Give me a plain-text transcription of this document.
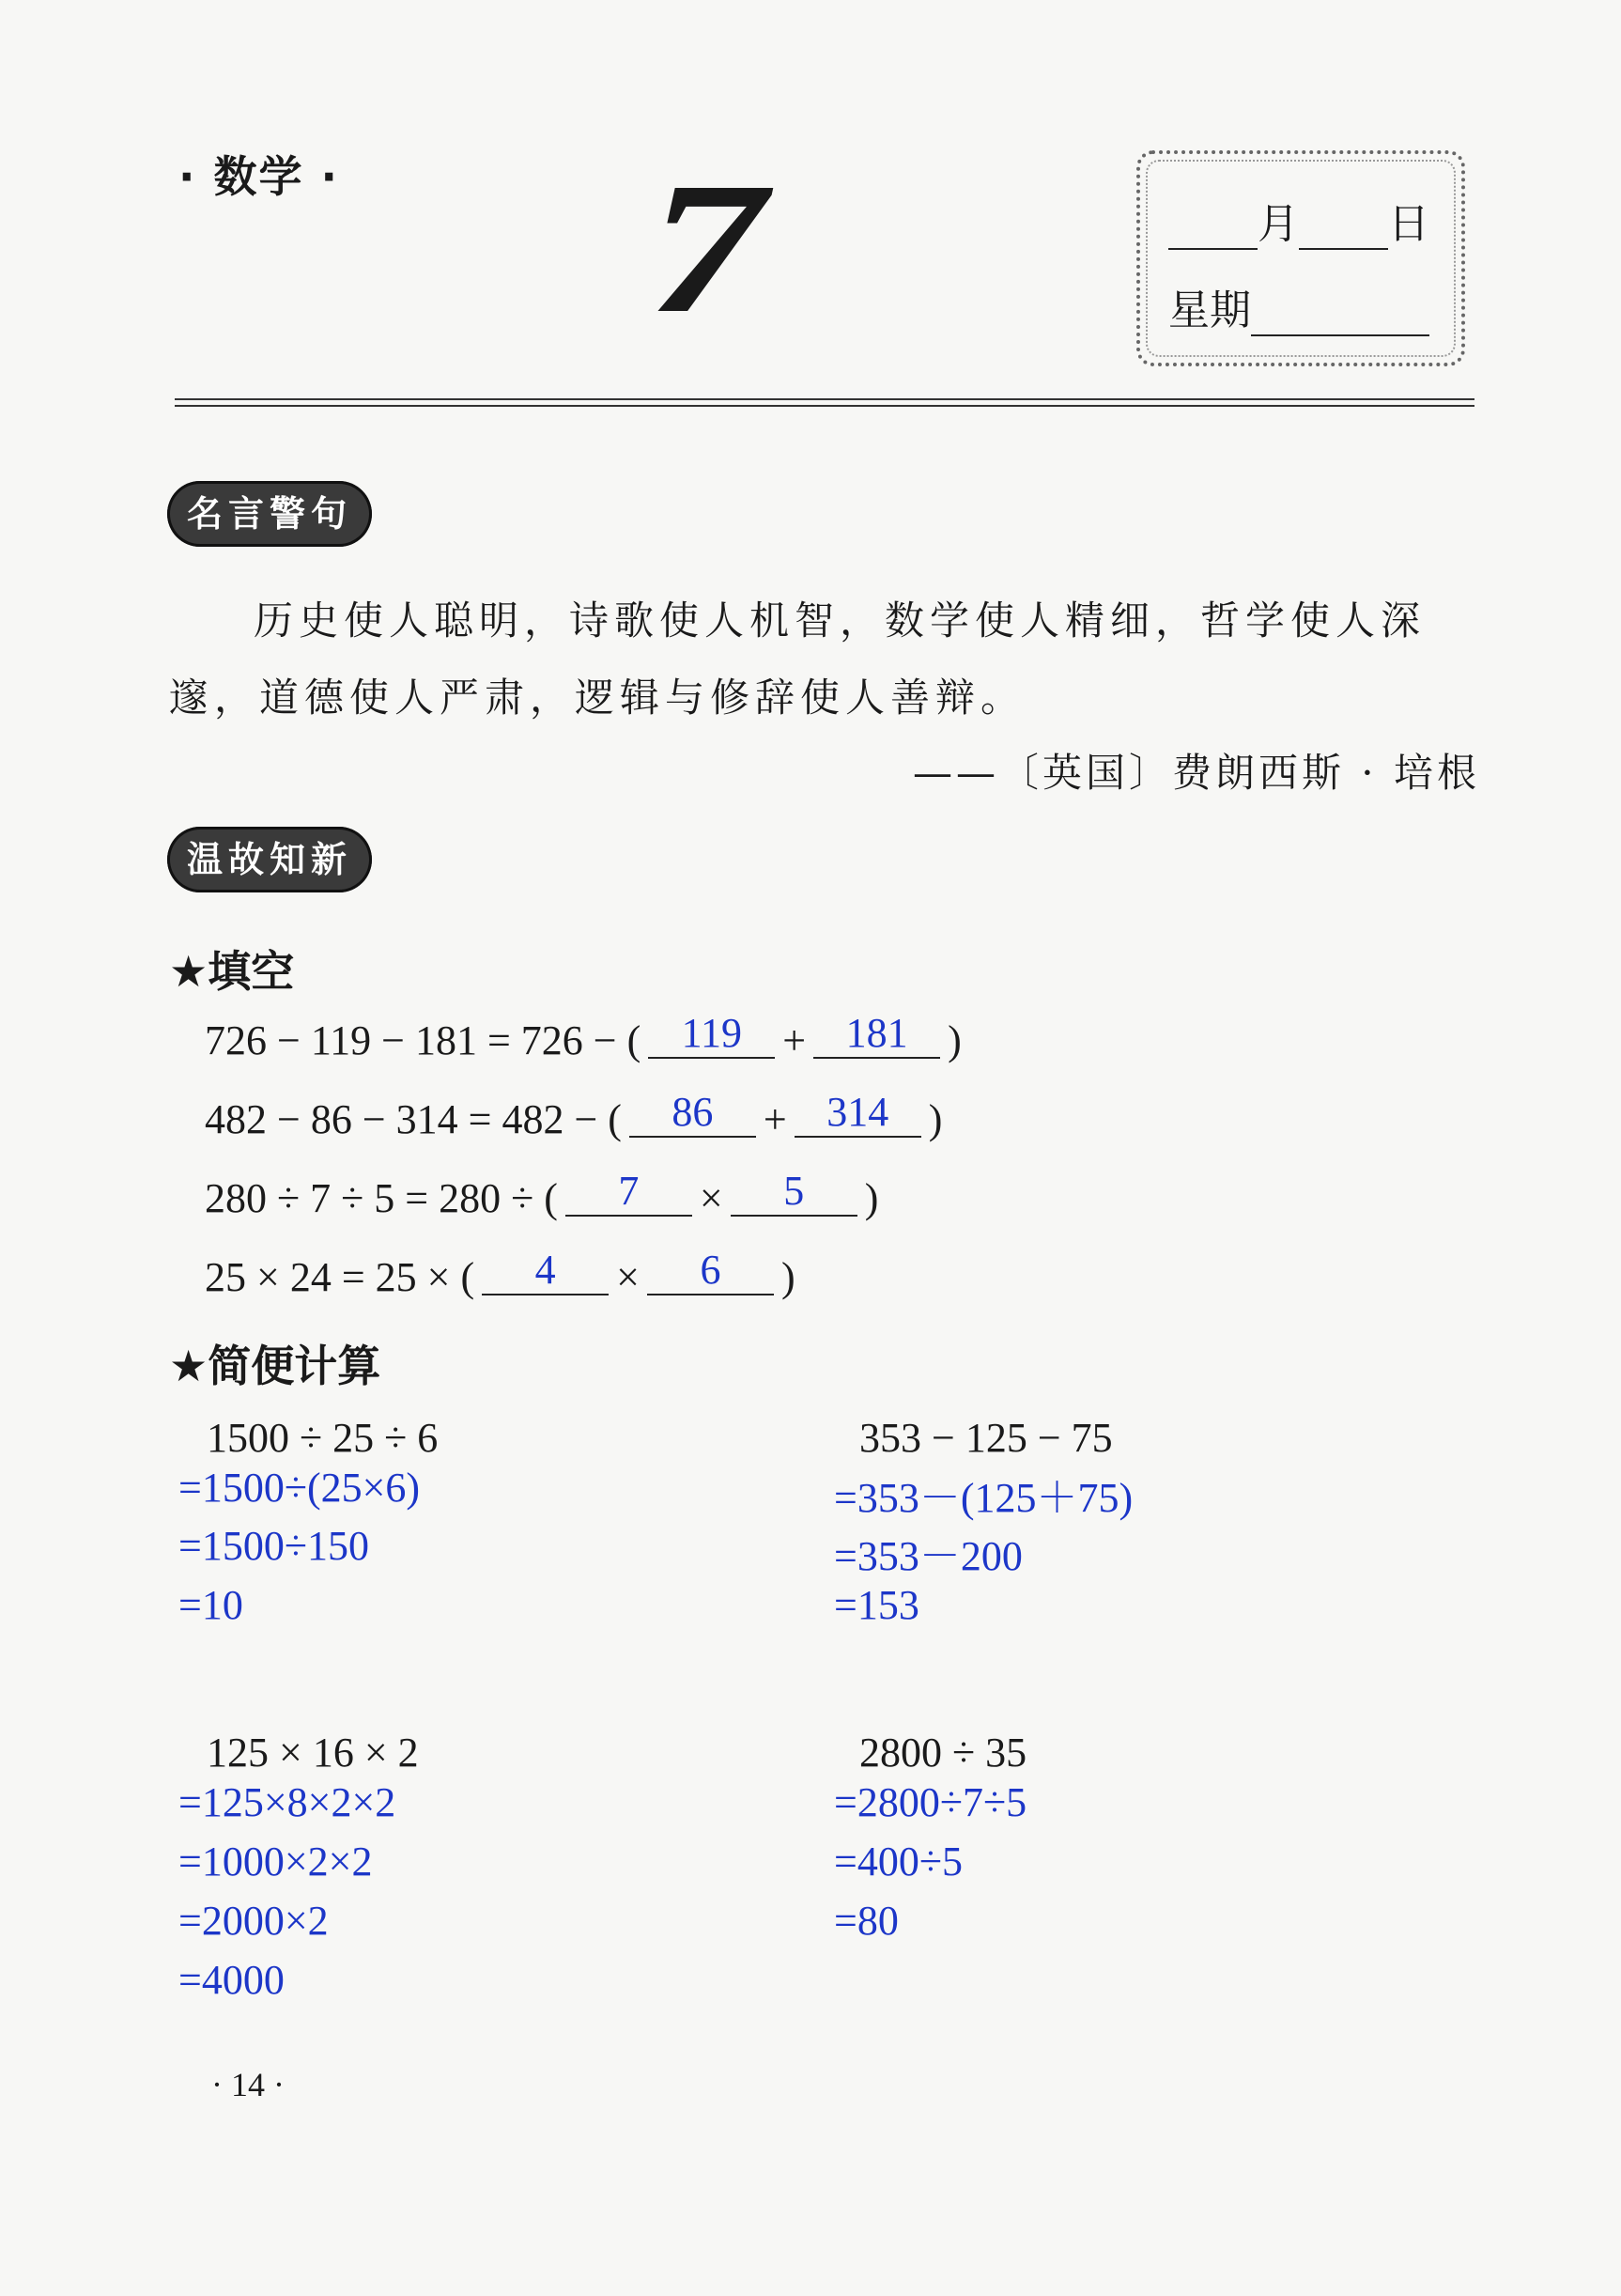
· 数学 · 7	月 日
星期
名言警句
历史使人聪明，诗歌使人机智，数学使人精细，哲学使人深邃，道德使人严肃，逻辑与修辞使人善辩。
——〔英国〕费朗西斯 · 培根
温故知新
★填空
726 − 119 − 181 = 726 − ( 119 + 181 )
482 − 86 − 314 = 482 − ( 86 + 314 )
280 ÷ 7 ÷ 5 = 280 ÷ ( 7 × 5 )
25 × 24 = 25 × ( 4 × 6 )
★简便计算
1500 ÷ 25 ÷ 6
=1500÷(25×6)
=1500÷150
=10
353 − 125 − 75
=353－(125＋75)
=353－200
=153
125 × 16 × 2
=125×8×2×2
=1000×2×2
=2000×2
=4000
2800 ÷ 35
=2800÷7÷5
=400÷5
=80
· 14 ·
